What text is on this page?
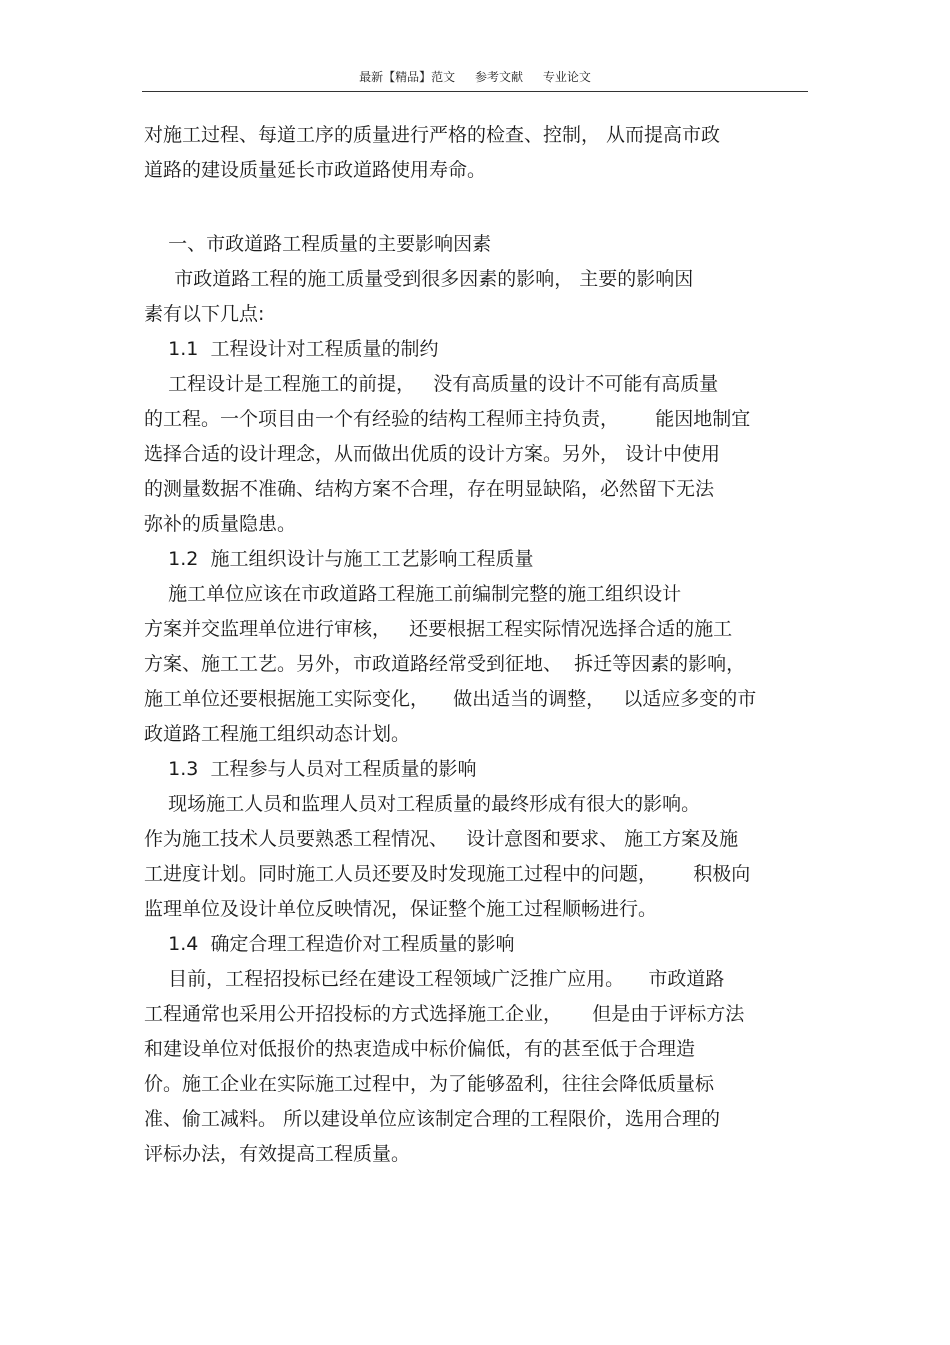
最新【精品】范文 参考文献 专业论文
对施工过程、每道工序的质量进行严格的检查、控制， 从而提高市政
道路的建设质量延长市政道路使用寿命。
一、市政道路工程质量的主要影响因素
市政道路工程的施工质量受到很多因素的影响， 主要的影响因
素有以下几点:
1.1  工程设计对工程质量的制约
工程设计是工程施工的前提，   没有高质量的设计不可能有高质量
的工程。一个项目由一个有经验的结构工程师主持负责，      能因地制宜
选择合适的设计理念，从而做出优质的设计方案。另外， 设计中使用
的测量数据不准确、结构方案不合理，存在明显缺陷，必然留下无法
弥补的质量隐患。
1.2  施工组织设计与施工工艺影响工程质量
施工单位应该在市政道路工程施工前编制完整的施工组织设计
方案并交监理单位进行审核，   还要根据工程实际情况选择合适的施工
方案、施工工艺。另外，市政道路经常受到征地、  拆迁等因素的影响，
施工单位还要根据施工实际变化，    做出适当的调整，   以适应多变的市
政道路工程施工组织动态计划。
1.3  工程参与人员对工程质量的影响
现场施工人员和监理人员对工程质量的最终形成有很大的影响。
作为施工技术人员要熟悉工程情况、   设计意图和要求、 施工方案及施
工进度计划。同时施工人员还要及时发现施工过程中的问题，      积极向
监理单位及设计单位反映情况，保证整个施工过程顺畅进行。
1.4  确定合理工程造价对工程质量的影响
目前，工程招投标已经在建设工程领域广泛推广应用。    市政道路
工程通常也采用公开招投标的方式选择施工企业，     但是由于评标方法
和建设单位对低报价的热衷造成中标价偏低，有的甚至低于合理造
价。施工企业在实际施工过程中，为了能够盈利，往往会降低质量标
准、偷工减料。 所以建设单位应该制定合理的工程限价，选用合理的
评标办法，有效提高工程质量。
